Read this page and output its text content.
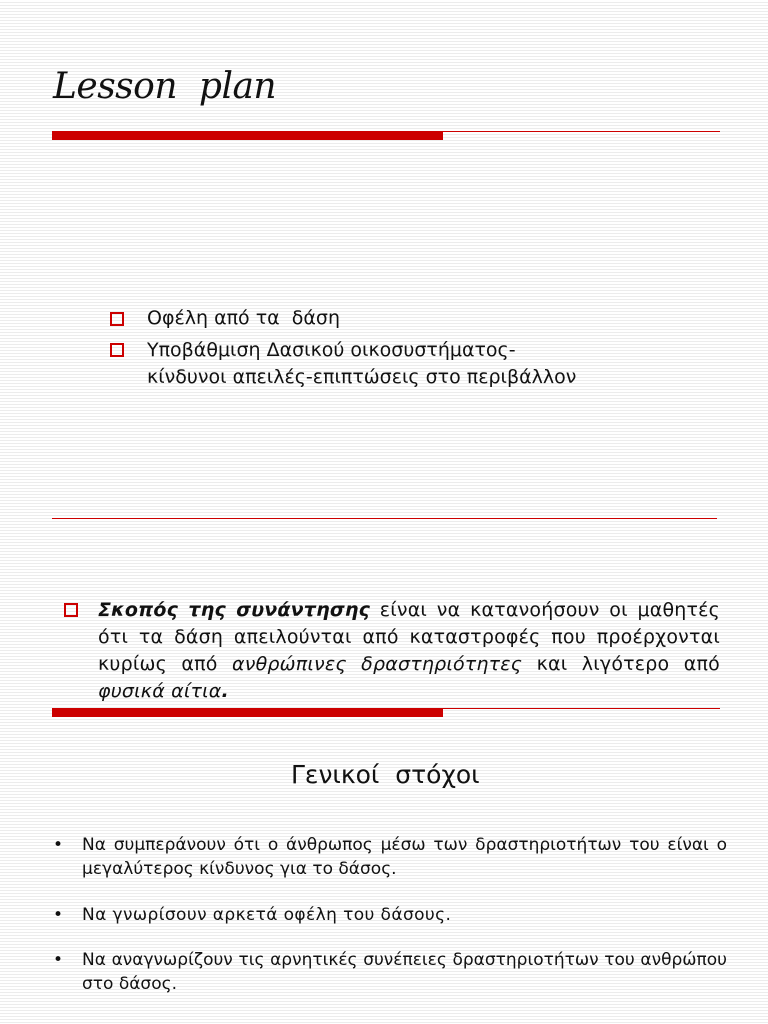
Lesson  plan
Οφέλη από τα  δάση
Υποβάθμιση Δασικού οικοσυστήματος-
κίνδυνοι απειλές-επιπτώσεις στο περιβάλλον
Σκοπός της συνάντησης είναι να κατανοήσουν οι μαθητές ότι τα δάση απειλούνται από καταστροφές που προέρχονται κυρίως από ανθρώπινες δραστηριότητες και λιγότερο από φυσικά αίτια.
Γενικοί  στόχοι
• Να συμπεράνουν ότι ο άνθρωπος μέσω των δραστηριοτήτων του είναι ο μεγαλύτερος κίνδυνος για το δάσος.
• Να γνωρίσουν αρκετά οφέλη του δάσους.
• Να αναγνωρίζουν τις αρνητικές συνέπειες δραστηριοτήτων του ανθρώπου στο δάσος.
